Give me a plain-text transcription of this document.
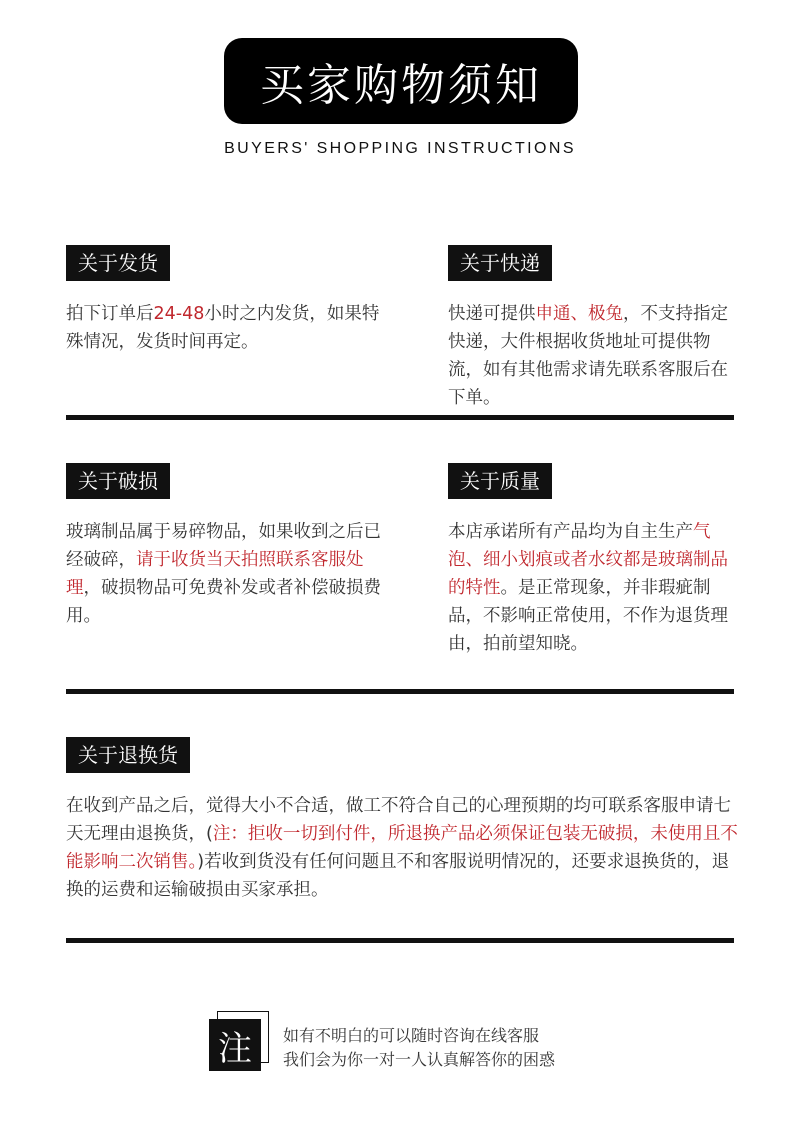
买家购物须知
BUYERS' SHOPPING INSTRUCTIONS
关于发货

拍下订单后24-48小时之内发货，如果特殊情况，发货时间再定。

关于快递

快递可提供申通、极兔，不支持指定快递，大件根据收货地址可提供物流，如有其他需求请先联系客服后在下单。

关于破损

玻璃制品属于易碎物品，如果收到之后已经破碎，请于收货当天拍照联系客服处理，破损物品可免费补发或者补偿破损费用。

关于质量

本店承诺所有产品均为自主生产气泡、细小划痕或者水纹都是玻璃制品的特性。是正常现象，并非瑕疵制品，不影响正常使用，不作为退货理由，拍前望知晓。

关于退换货

在收到产品之后，觉得大小不合适，做工不符合自己的心理预期的均可联系客服申请七天无理由退换货，(注：拒收一切到付件，所退换产品必须保证包装无破损，未使用且不能影响二次销售。)若收到货没有任何问题且不和客服说明情况的，还要求退换货的，退换的运费和运输破损由买家承担。

注	如有不明白的可以随时咨询在线客服
我们会为你一对一人认真解答你的困惑
